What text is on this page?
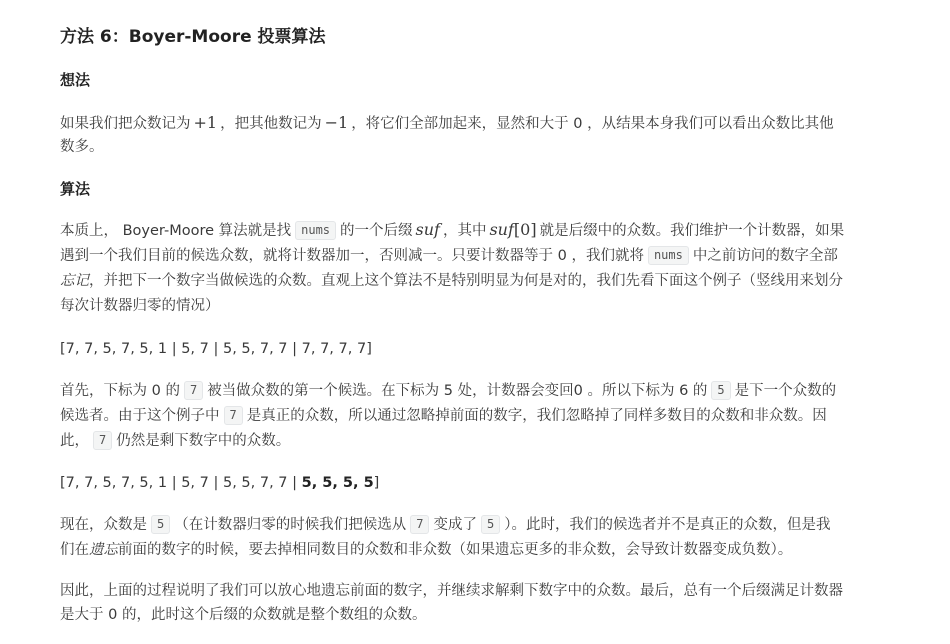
方法 6：Boyer-Moore 投票算法
想法
如果我们把众数记为 +1 ，把其他数记为 −1 ，将它们全部加起来，显然和大于 0 ，从结果本身我们可以看出众数比其他
数多。
算法
本质上， Boyer-Moore 算法就是找 nums 的一个后缀 suf ，其中 suf[0] 就是后缀中的众数。我们维护一个计数器，如果
遇到一个我们目前的候选众数，就将计数器加一，否则减一。只要计数器等于 0 ，我们就将 nums 中之前访问的数字全部
忘记，并把下一个数字当做候选的众数。直观上这个算法不是特别明显为何是对的，我们先看下面这个例子（竖线用来划分
每次计数器归零的情况）
[7, 7, 5, 7, 5, 1 | 5, 7 | 5, 5, 7, 7 | 7, 7, 7, 7]
首先，下标为 0 的 7 被当做众数的第一个候选。在下标为 5 处，计数器会变回0 。所以下标为 6 的 5 是下一个众数的
候选者。由于这个例子中 7 是真正的众数，所以通过忽略掉前面的数字，我们忽略掉了同样多数目的众数和非众数。因
此， 7 仍然是剩下数字中的众数。
[7, 7, 5, 7, 5, 1 | 5, 7 | 5, 5, 7, 7 | 5, 5, 5, 5]
现在，众数是 5 （在计数器归零的时候我们把候选从 7 变成了 5 ）。此时，我们的候选者并不是真正的众数，但是我
们在遗忘前面的数字的时候，要去掉相同数目的众数和非众数（如果遗忘更多的非众数，会导致计数器变成负数）。
因此，上面的过程说明了我们可以放心地遗忘前面的数字，并继续求解剩下数字中的众数。最后，总有一个后缀满足计数器
是大于 0 的，此时这个后缀的众数就是整个数组的众数。
